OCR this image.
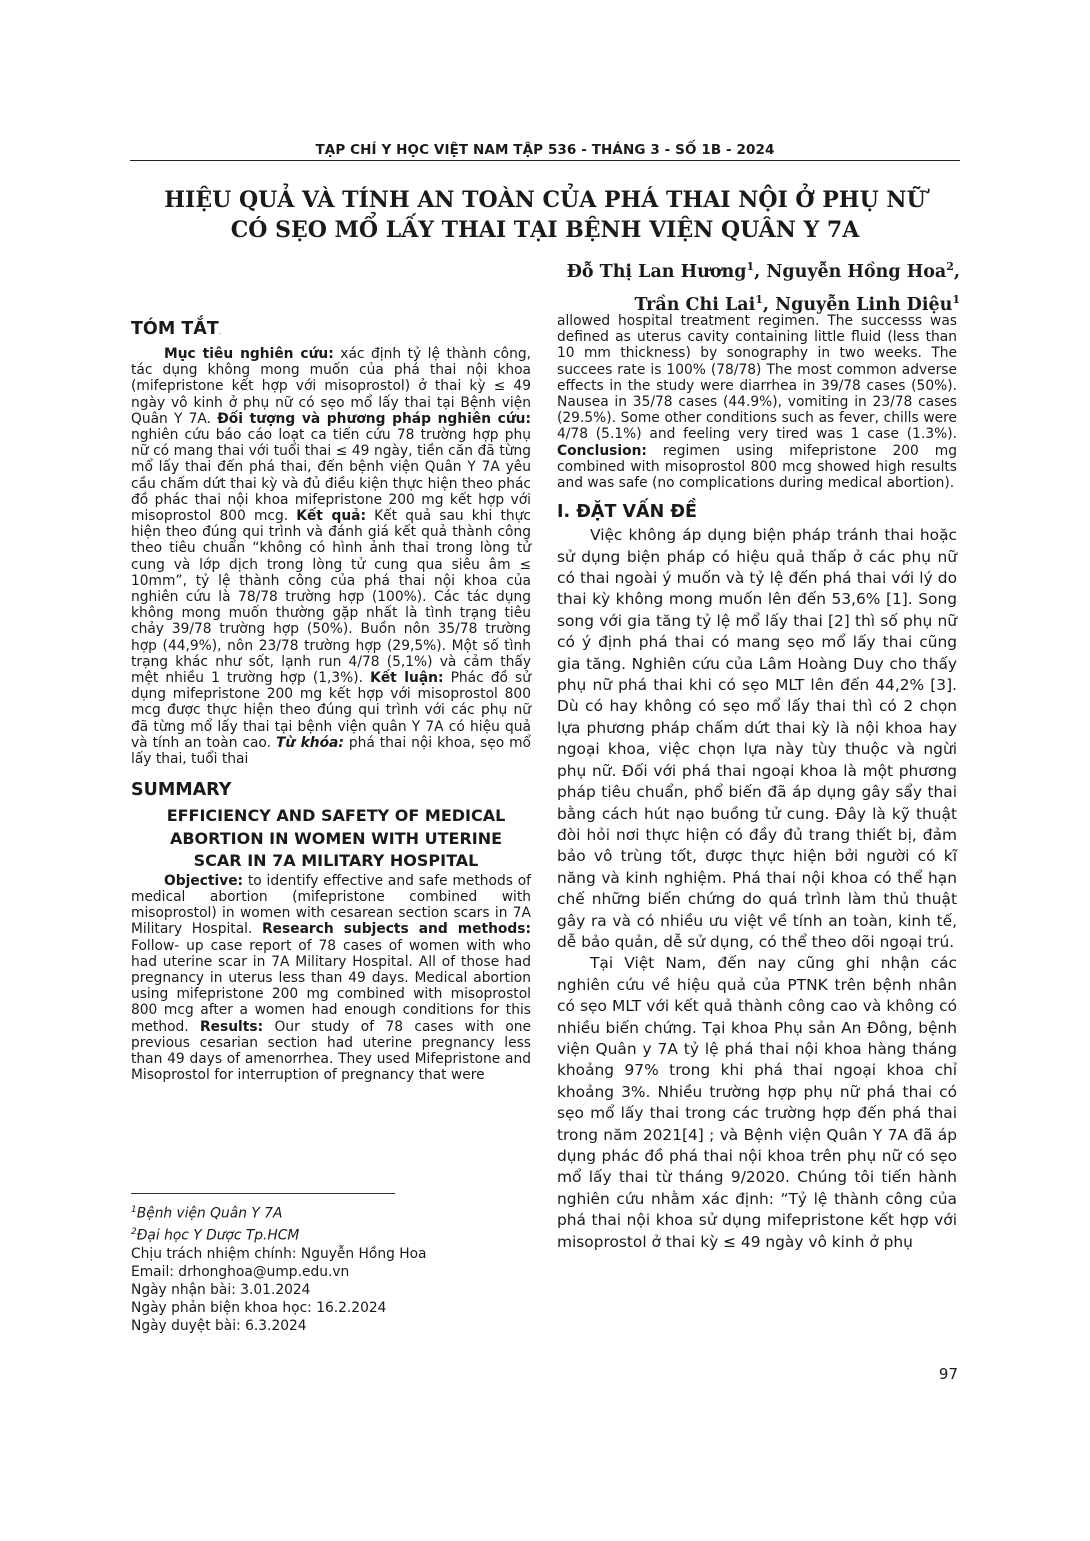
TẠP CHÍ Y HỌC VIỆT NAM TẬP 536 - THÁNG 3 - SỐ 1B - 2024
HIỆU QUẢ VÀ TÍNH AN TOÀN CỦA PHÁ THAI NỘI Ở PHỤ NỮ
CÓ SẸO MỔ LẤY THAI TẠI BỆNH VIỆN QUÂN Y 7A
Đỗ Thị Lan Hương$^1$, Nguyễn Hồng Hoa$^2$,
Trần Chi Lai$^1$, Nguyễn Linh Diệu$^1$
TÓM TẮT.

Mục tiêu nghiên cứu: xác định tỷ lệ thành công, tác dụng không mong muốn của phá thai nội khoa (mifepristone kết hợp với misoprostol) ở thai kỳ ≤ 49 ngày vô kinh ở phụ nữ có sẹo mổ lấy thai tại Bệnh viện Quân Y 7A. Đối tượng và phương pháp nghiên cứu: nghiên cứu báo cáo loạt ca tiến cứu 78 trường hợp phụ nữ có mang thai với tuổi thai ≤ 49 ngày, tiền căn đã từng mổ lấy thai đến phá thai, đến bệnh viện Quân Y 7A yêu cầu chấm dứt thai kỳ và đủ điều kiện thực hiện theo phác đồ phác thai nội khoa mifepristone 200 mg kết hợp với misoprostol 800 mcg. Kết quả: Kết quả sau khi thực hiện theo đúng qui trình và đánh giá kết quả thành công theo tiêu chuẩn “không có hình ảnh thai trong lòng tử cung và lớp dịch trong lòng tử cung qua siêu âm ≤ 10mm”, tỷ lệ thành công của phá thai nội khoa của nghiên cứu là 78/78 trường hợp (100%). Các tác dụng không mong muốn thường gặp nhất là tình trạng tiêu chảy 39/78 trường hợp (50%). Buồn nôn 35/78 trường hợp (44,9%), nôn 23/78 trường hợp (29,5%). Một số tình trạng khác như sốt, lạnh run 4/78 (5,1%) và cảm thấy mệt nhiều 1 trường hợp (1,3%). Kết luận: Phác đồ sử dụng mifepristone 200 mg kết hợp với misoprostol 800 mcg được thực hiện theo đúng qui trình với các phụ nữ đã từng mổ lấy thai tại bệnh viện quân Y 7A có hiệu quả và tính an toàn cao. Từ khóa: phá thai nội khoa, sẹo mổ lấy thai, tuổi thai

SUMMARY
EFFICIENCY AND SAFETY OF MEDICAL
ABORTION IN WOMEN WITH UTERINE
SCAR IN 7A MILITARY HOSPITAL

Objective: to identify effective and safe methods of medical abortion (mifepristone combined with misoprostol) in women with cesarean section scars in 7A Military Hospital. Research subjects and methods: Follow- up case report of 78 cases of women with who had uterine scar in 7A Military Hospital. All of those had pregnancy in uterus less than 49 days. Medical abortion using mifepristone 200 mg combined with misoprostol 800 mcg after a women had enough conditions for this method. Results: Our study of 78 cases with one previous cesarian section had uterine pregnancy less than 49 days of amenorrhea. They used Mifepristone and Misoprostol for interruption of pregnancy that were

$^1$Bệnh viện Quân Y 7A
$^2$Đại học Y Dược Tp.HCM
Chịu trách nhiệm chính: Nguyễn Hồng Hoa
Email: drhonghoa@ump.edu.vn
Ngày nhận bài: 3.01.2024
Ngày phản biện khoa học: 16.2.2024
Ngày duyệt bài: 6.3.2024

allowed hospital treatment regimen. The successs was defined as uterus cavity containing little fluid (less than 10 mm thickness) by sonography in two weeks. The succees rate is 100% (78/78) The most common adverse effects in the study were diarrhea in 39/78 cases (50%). Nausea in 35/78 cases (44.9%), vomiting in 23/78 cases (29.5%). Some other conditions such as fever, chills were 4/78 (5.1%) and feeling very tired was 1 case (1.3%). Conclusion: regimen using mifepristone 200 mg combined with misoprostol 800 mcg showed high results and was safe (no complications during medical abortion).

I. ĐẶT VẤN ĐỀ

Việc không áp dụng biện pháp tránh thai hoặc sử dụng biện pháp có hiệu quả thấp ở các phụ nữ có thai ngoài ý muốn và tỷ lệ đến phá thai với lý do thai kỳ không mong muốn lên đến 53,6% [1]. Song song với gia tăng tỷ lệ mổ lấy thai [2] thì số phụ nữ có ý định phá thai có mang sẹo mổ lấy thai cũng gia tăng. Nghiên cứu của Lâm Hoàng Duy cho thấy phụ nữ phá thai khi có sẹo MLT lên đến 44,2% [3]. Dù có hay không có sẹo mổ lấy thai thì có 2 chọn lựa phương pháp chấm dứt thai kỳ là nội khoa hay ngoại khoa, việc chọn lựa này tùy thuộc và ngừi phụ nữ. Đối với phá thai ngoại khoa là một phương pháp tiêu chuẩn, phổ biến đã áp dụng gây sẩy thai bằng cách hút nạo buồng tử cung. Đây là kỹ thuật đòi hỏi nơi thực hiện có đầy đủ trang thiết bị, đảm bảo vô trùng tốt, được thực hiện bởi người có kĩ năng và kinh nghiệm. Phá thai nội khoa có thể hạn chế những biến chứng do quá trình làm thủ thuật gây ra và có nhiều ưu việt về tính an toàn, kinh tế, dễ bảo quản, dễ sử dụng, có thể theo dõi ngoại trú.

Tại Việt Nam, đến nay cũng ghi nhận các nghiên cứu về hiệu quả của PTNK trên bệnh nhân có sẹo MLT với kết quả thành công cao và không có nhiều biến chứng. Tại khoa Phụ sản An Đông, bệnh viện Quân y 7A tỷ lệ phá thai nội khoa hàng tháng khoảng 97% trong khi phá thai ngoại khoa chỉ khoảng 3%. Nhiều trường hợp phụ nữ phá thai có sẹo mổ lấy thai trong các trường hợp đến phá thai trong năm 2021[4] ; và Bệnh viện Quân Y 7A đã áp dụng phác đồ phá thai nội khoa trên phụ nữ có sẹo mổ lấy thai từ tháng 9/2020. Chúng tôi tiến hành nghiên cứu nhằm xác định: “Tỷ lệ thành công của phá thai nội khoa sử dụng mifepristone kết hợp với misoprostol ở thai kỳ ≤ 49 ngày vô kinh ở phụ

97
